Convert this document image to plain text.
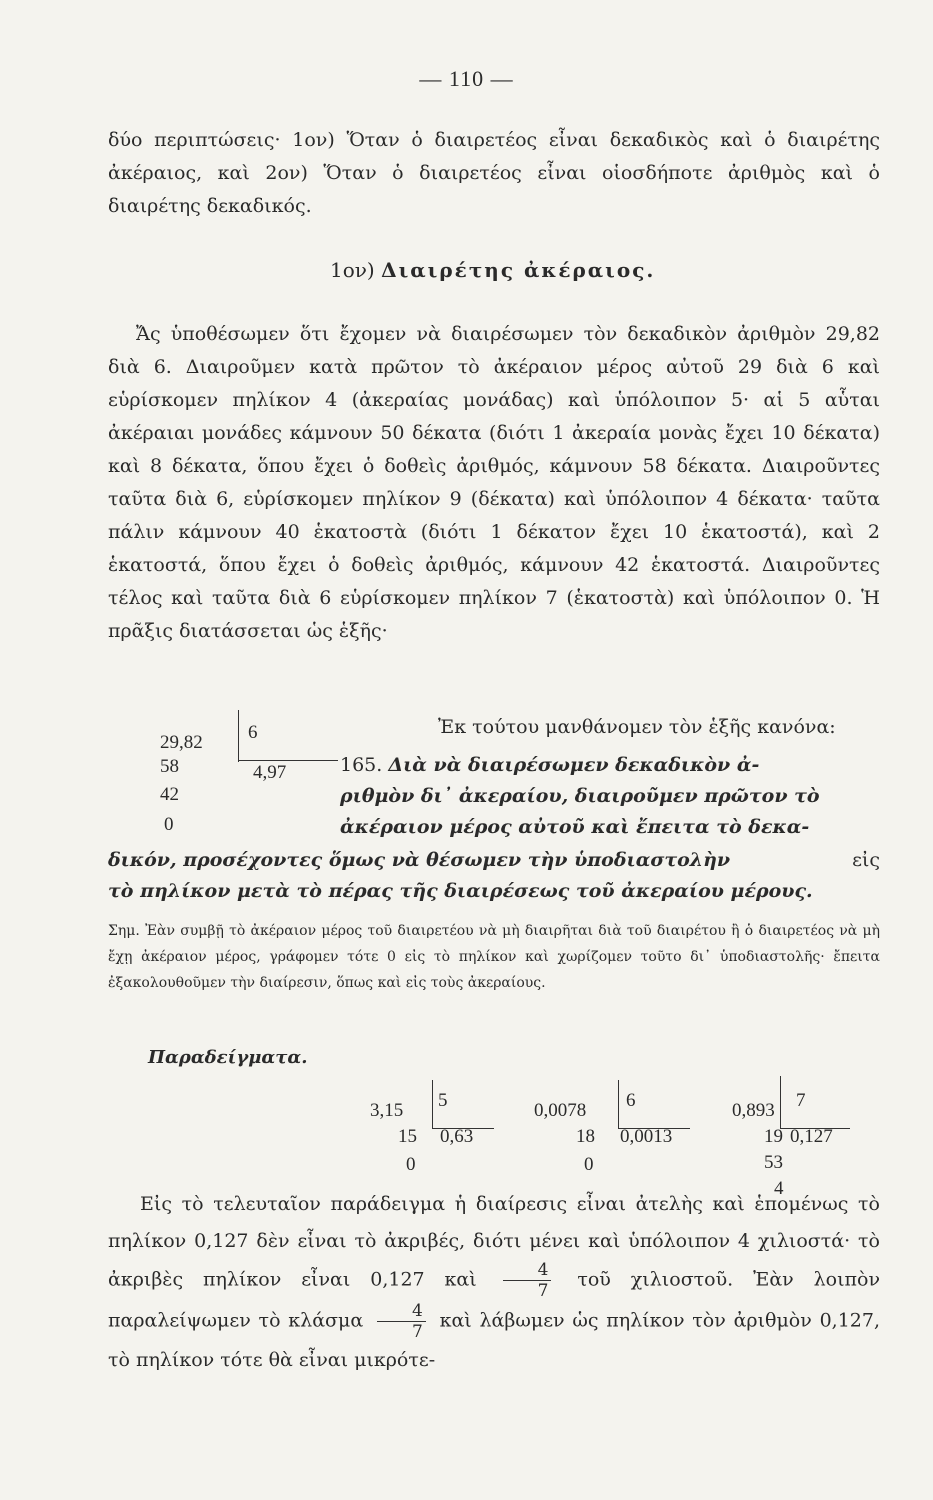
— 110 —

δύο περιπτώσεις· 1ον) Ὅταν ὁ διαιρετέος εἶναι δεκαδικὸς καὶ ὁ διαιρέτης ἀκέραιος, καὶ 2ον) Ὅταν ὁ διαιρετέος εἶναι οἱοσδήποτε ἀριθμὸς καὶ ὁ διαιρέτης δεκαδικός.

1ον) Διαιρέτης ἀκέραιος.

Ἄς ὑποθέσωμεν ὅτι ἔχομεν νὰ διαιρέσωμεν τὸν δεκαδικὸν ἀριθμὸν 29,82 διὰ 6. Διαιροῦμεν κατὰ πρῶτον τὸ ἀκέραιον μέρος αὐτοῦ 29 διὰ 6 καὶ εὑρίσκομεν πηλίκον 4 (ἀκεραίας μονάδας) καὶ ὑπόλοιπον 5· αἱ 5 αὗται ἀκέραιαι μονάδες κάμνουν 50 δέκατα (διότι 1 ἀκεραία μονὰς ἔχει 10 δέκατα) καὶ 8 δέκατα, ὅπου ἔχει ὁ δοθεὶς ἀριθμός, κάμνουν 58 δέκατα. Διαιροῦντες ταῦτα διὰ 6, εὑρίσκομεν πηλίκον 9 (δέκατα) καὶ ὑπόλοιπον 4 δέκατα· ταῦτα πάλιν κάμνουν 40 ἑκατοστὰ (διότι 1 δέκατον ἔχει 10 ἑκατοστά), καὶ 2 ἑκατοστά, ὅπου ἔχει ὁ δοθεὶς ἀριθμός, κάμνουν 42 ἑκατοστά. Διαιροῦντες τέλος καὶ ταῦτα διὰ 6 εὑρίσκομεν πηλίκον 7 (ἑκατοστὰ) καὶ ὑπόλοιπον 0. Ἡ πρᾶξις διατάσσεται ὡς ἑξῆς·

29,82 6
58	4,97
42
0
Ἐκ τούτου μανθάνομεν τὸν ἑξῆς κανόνα:
165. Διὰ νὰ διαιρέσωμεν δεκαδικὸν ἀ-
ριθμὸν δι᾽ ἀκεραίου, διαιροῦμεν πρῶτον τὸ
ἀκέραιον μέρος αὐτοῦ καὶ ἔπειτα τὸ δεκα-
δικόν, προσέχοντες ὅμως νὰ θέσωμεν τὴν ὑποδιαστολὴν	εἰς

τὸ πηλίκον μετὰ τὸ πέρας τῆς διαιρέσεως τοῦ ἀκεραίου μέρους.

Σημ. Ἐὰν συμβῇ τὸ ἀκέραιον μέρος τοῦ διαιρετέου νὰ μὴ διαιρῆται διὰ τοῦ διαιρέτου ἢ ὁ διαιρετέος νὰ μὴ ἔχῃ ἀκέραιον μέρος, γράφομεν τότε 0 εἰς τὸ πηλίκον καὶ χωρίζομεν τοῦτο δι᾽ ὑποδιαστολῆς· ἔπειτα ἐξακολουθοῦμεν τὴν διαίρεσιν, ὅπως καὶ εἰς τοὺς ἀκεραίους.

Παραδείγματα.
3,15 5
15 0,63
0
0,0078 6
18 0,0013
0
0,893 7
19 0,127
53
4
Εἰς τὸ τελευταῖον παράδειγμα ἡ διαίρεσις εἶναι ἀτελὴς καὶ ἑπομένως τὸ πηλίκον 0,127 δὲν εἶναι τὸ ἀκριβές, διότι μένει καὶ ὑπόλοιπον 4 χιλιοστά· τὸ ἀκριβὲς πηλίκον εἶναι 0,127 καὶ $\frac{4}{7}$ τοῦ χιλιοστοῦ. Ἐὰν λοιπὸν παραλείψωμεν τὸ κλάσμα $\frac{4}{7}$ καὶ λάβωμεν ὡς πηλίκον τὸν ἀριθμὸν 0,127, τὸ πηλίκον τότε θὰ εἶναι μικρότε-
